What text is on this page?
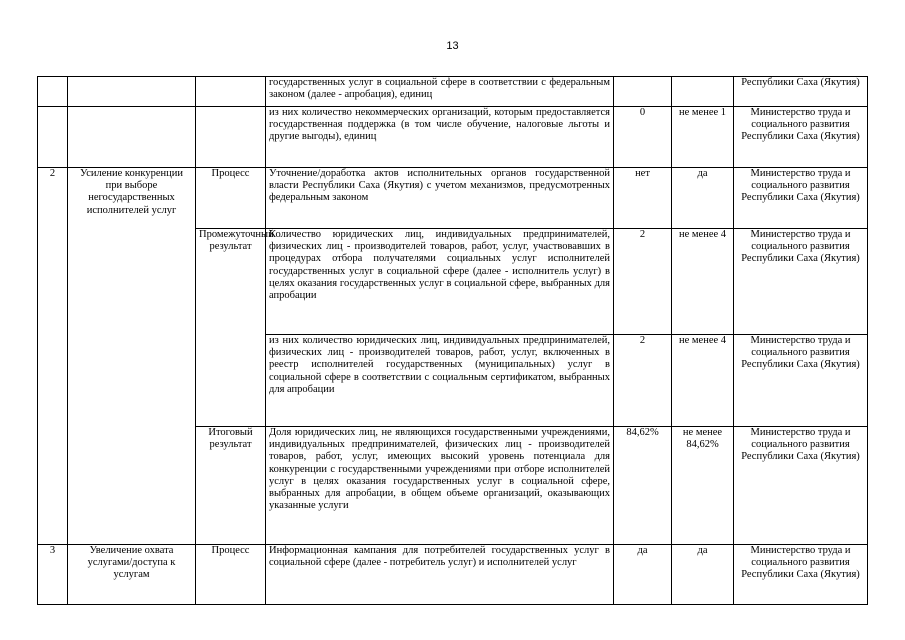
13
			государственных услуг в социальной сфере в соответствии с федеральным законом (далее - апробация), единиц			Республики Саха (Якутия)
			из них количество некоммерческих организаций, которым предоставляется государственная поддержка (в том числе обучение, налоговые льготы и другие выгоды), единиц	0	не менее 1	Министерство труда и социального развития Республики Саха (Якутия)
2	Усиление конкуренции при выборе негосударственных исполнителей услуг	Процесс	Уточнение/доработка актов исполнительных органов государственной власти Республики Саха (Якутия) с учетом механизмов, предусмотренных федеральным законом	нет	да	Министерство труда и социального развития Республики Саха (Якутия)
		Промежуточный результат	Количество юридических лиц, индивидуальных предпринимателей, физических лиц - производителей товаров, работ, услуг, участвовавших в процедурах отбора получателями социальных услуг исполнителей государственных услуг в социальной сфере (далее - исполнитель услуг) в целях оказания государственных услуг в социальной сфере, выбранных для апробации	2	не менее 4	Министерство труда и социального развития Республики Саха (Якутия)
			из них количество юридических лиц, индивидуальных предпринимателей, физических лиц - производителей товаров, работ, услуг, включенных в реестр исполнителей государственных (муниципальных) услуг в социальной сфере в соответствии с социальным сертификатом, выбранных для апробации	2	не менее 4	Министерство труда и социального развития Республики Саха (Якутия)
		Итоговый результат	Доля юридических лиц, не являющихся государственными учреждениями, индивидуальных предпринимателей, физических лиц - производителей товаров, работ, услуг, имеющих высокий уровень потенциала для конкуренции с государственными учреждениями при отборе исполнителей услуг в целях оказания государственных услуг в социальной сфере, выбранных для апробации, в общем объеме организаций, оказывающих указанные услуги	84,62%	не менее 84,62%	Министерство труда и социального развития Республики Саха (Якутия)
3	Увеличение охвата услугами/доступа к услугам	Процесс	Информационная кампания для потребителей государственных услуг в социальной сфере (далее - потребитель услуг) и исполнителей услуг	да	да	Министерство труда и социального развития Республики Саха (Якутия)
